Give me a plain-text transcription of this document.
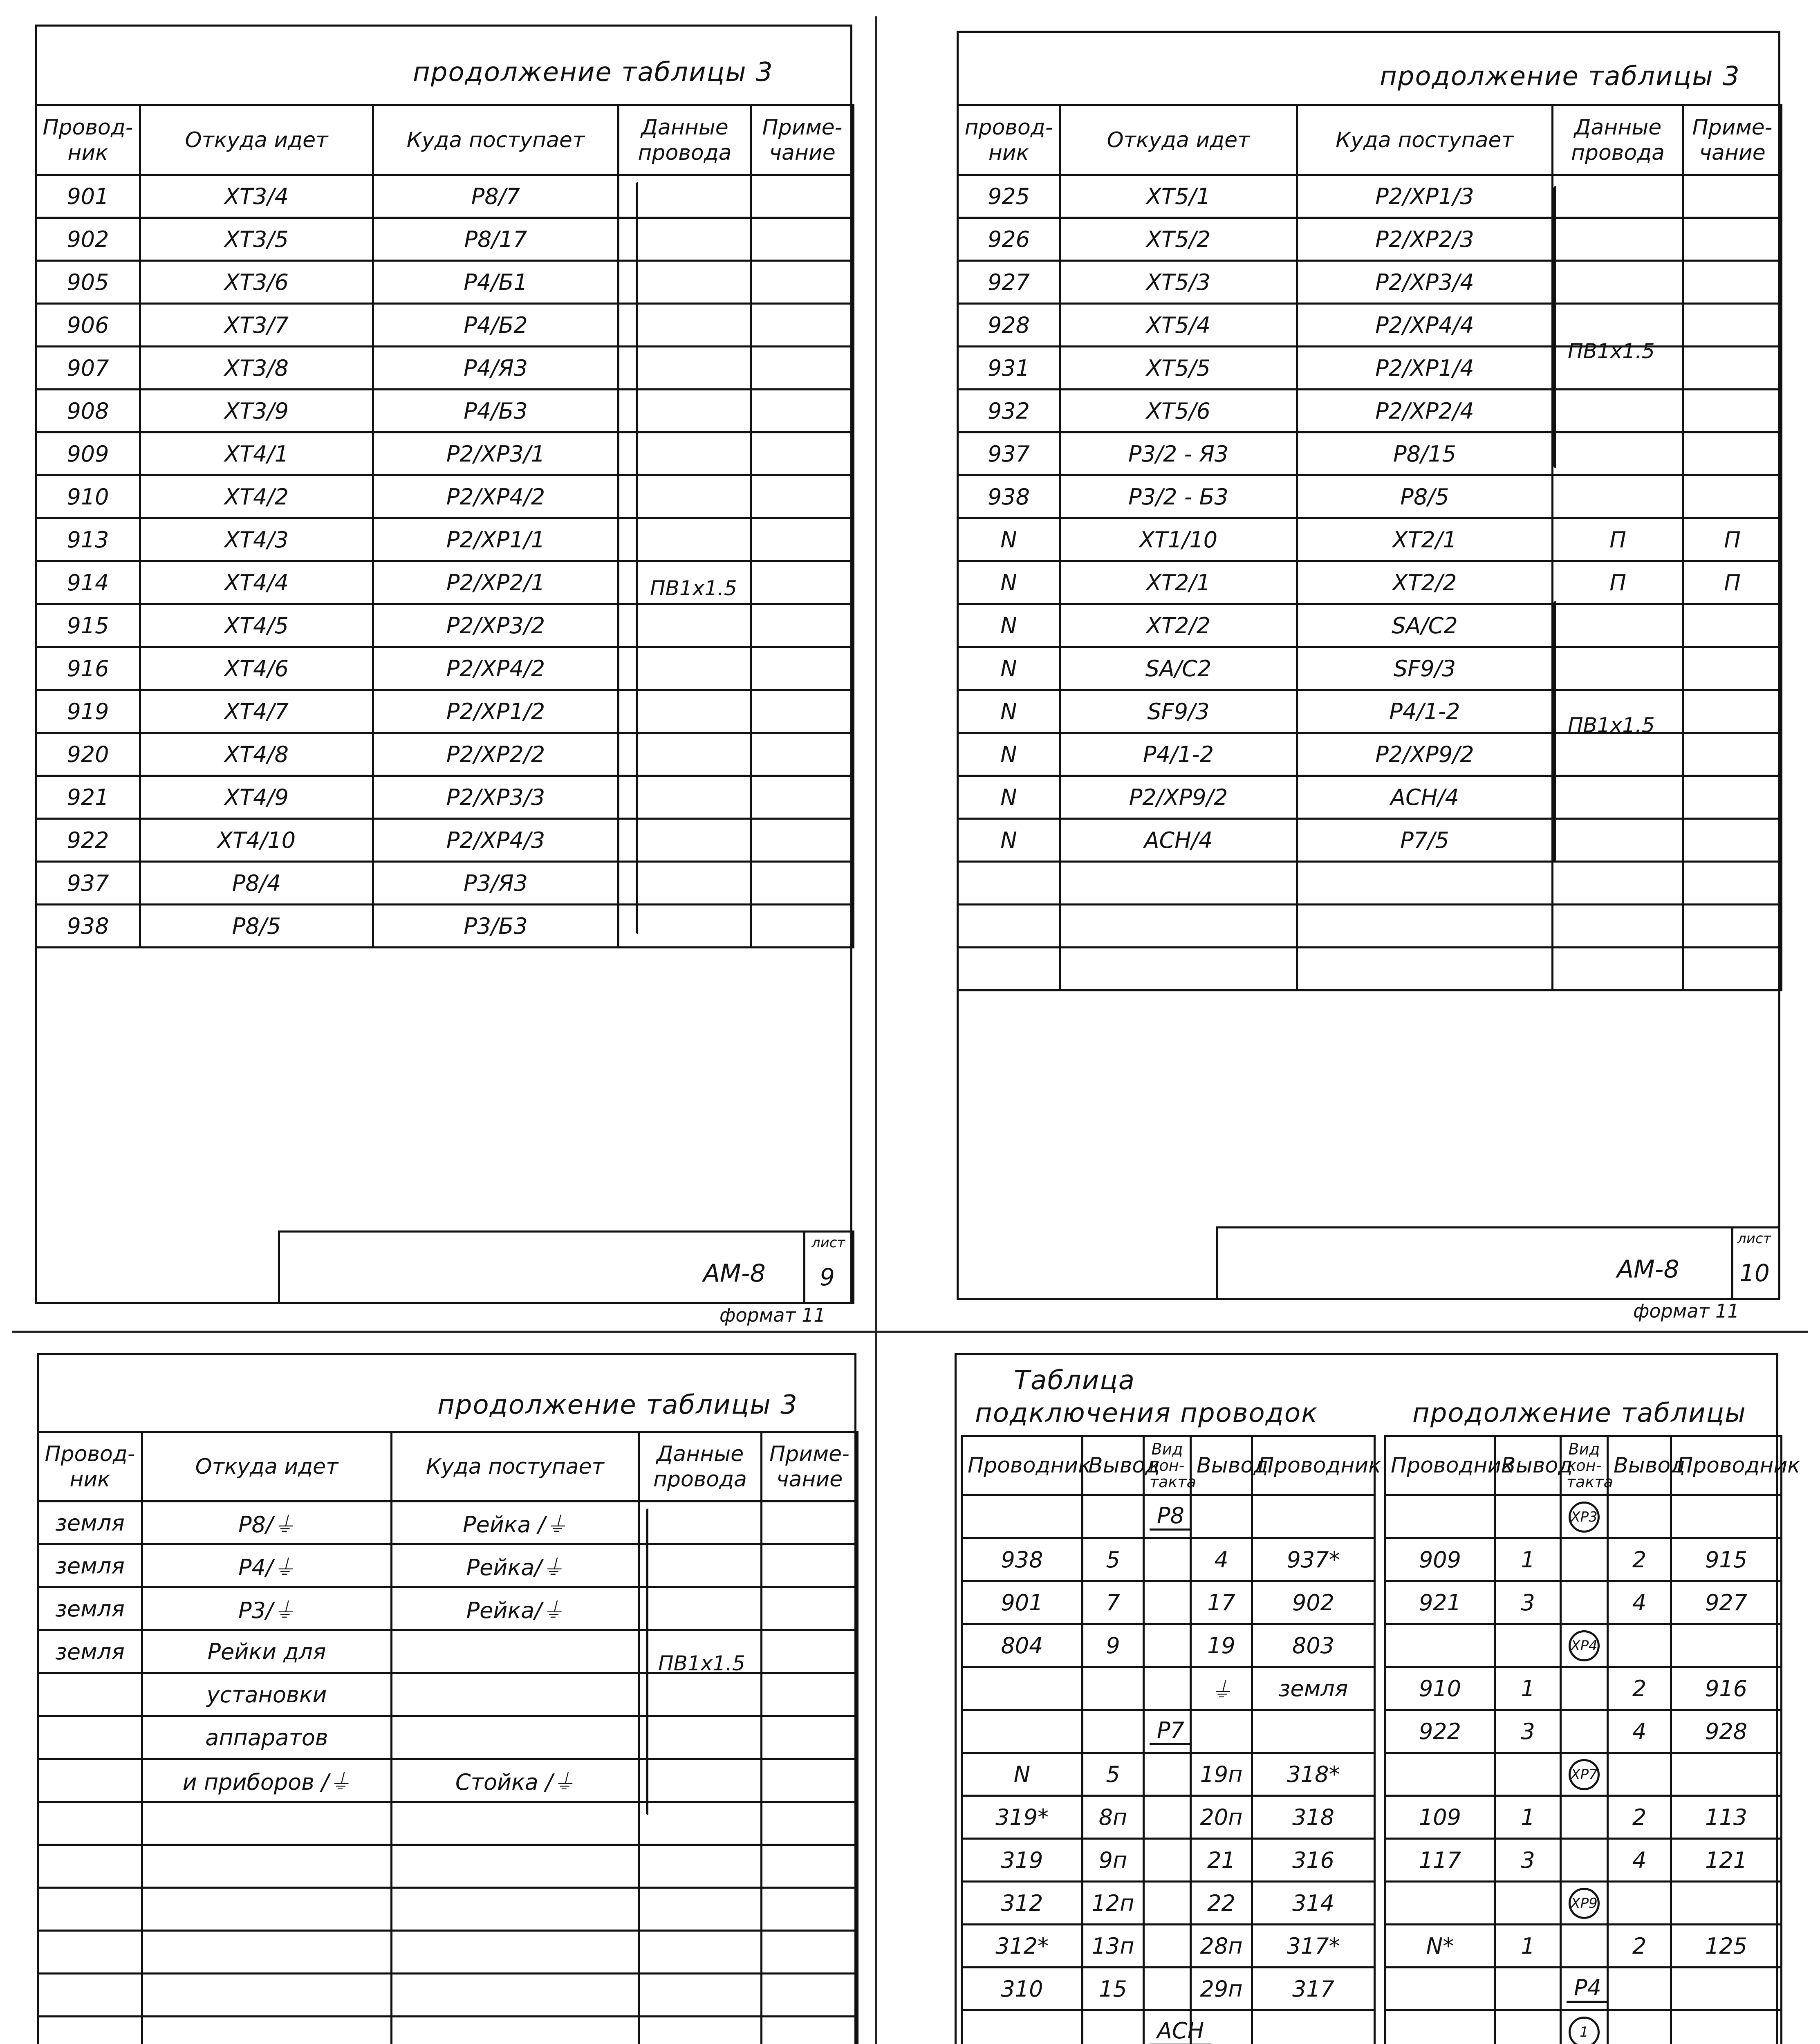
продолжение таблицы 3
Провод-ник	Откуда идет	Куда поступает	Данные провода	Приме-чание
901	XT3/4	P8/7		
902	XT3/5	P8/17		
905	XT3/6	P4/Б1		
906	XT3/7	P4/Б2		
907	XT3/8	P4/Я3		
908	XT3/9	P4/Б3		
909	XT4/1	P2/XP3/1		
910	XT4/2	P2/XP4/2		
913	XT4/3	P2/XP1/1		
914	XT4/4	P2/XP2/1		
915	XT4/5	P2/XP3/2		
916	XT4/6	P2/XP4/2		
919	XT4/7	P2/XP1/2		
920	XT4/8	P2/XP2/2		
921	XT4/9	P2/XP3/3		
922	XT4/10	P2/XP4/3		
937	P8/4	P3/Я3		
938	P8/5	P3/Б3		
ПВ1х1.5
АМ-8
лист
9
формат 11
продолжение таблицы 3
провод-ник	Откуда идет	Куда поступает	Данные провода	Приме-чание
925	XT5/1	P2/XP1/3		
926	XT5/2	P2/XP2/3		
927	XT5/3	P2/XP3/4		
928	XT5/4	P2/XP4/4		
931	XT5/5	P2/XP1/4		
932	XT5/6	P2/XP2/4		
937	P3/2 - Я3	P8/15		
938	P3/2 - Б3	P8/5		
N	XT1/10	XT2/1	П	П
N	XT2/1	XT2/2	П	П
N	XT2/2	SA/C2		
N	SA/C2	SF9/3		
N	SF9/3	P4/1-2		
N	P4/1-2	P2/XP9/2		
N	P2/XP9/2	ACH/4		
N	ACH/4	P7/5		

ПВ1х1.5
ПВ1х1.5
АМ-8
лист
10
формат 11
продолжение таблицы 3
Провод-ник	Откуда идет	Куда поступает	Данные провода	Приме-чание
земля	P8/⏚	Рейка /⏚		
земля	P4/⏚	Рейка/⏚		
земля	P3/⏚	Рейка/⏚		
земля	Рейки для			
	установки			
	аппаратов			
	и приборов /⏚	Стойка /⏚		

ПВ1х1.5
Таблица
подключения проводок	продолжение таблицы
Проводник	Вывод	Вид кон-такта	Вывод	Проводник
		P8		
938	5		4	937*
901	7		17	902
804	9		19	803
			⏚	земля
		P7		
N	5		19п	318*
319*	8п		20п	318
319	9п		21	316
312	12п		22	314
312*	13п		28п	317*
310	15		29п	317
		ACH		

Проводник	Вывод	Вид кон-такта	Вывод	Проводник
		XP3		
909	1		2	915
921	3		4	927
		XP4		
910	1		2	916
922	3		4	928
		XP7		
109	1		2	113
117	3		4	121
		XP9		
N*	1		2	125
		P4		
		1		
